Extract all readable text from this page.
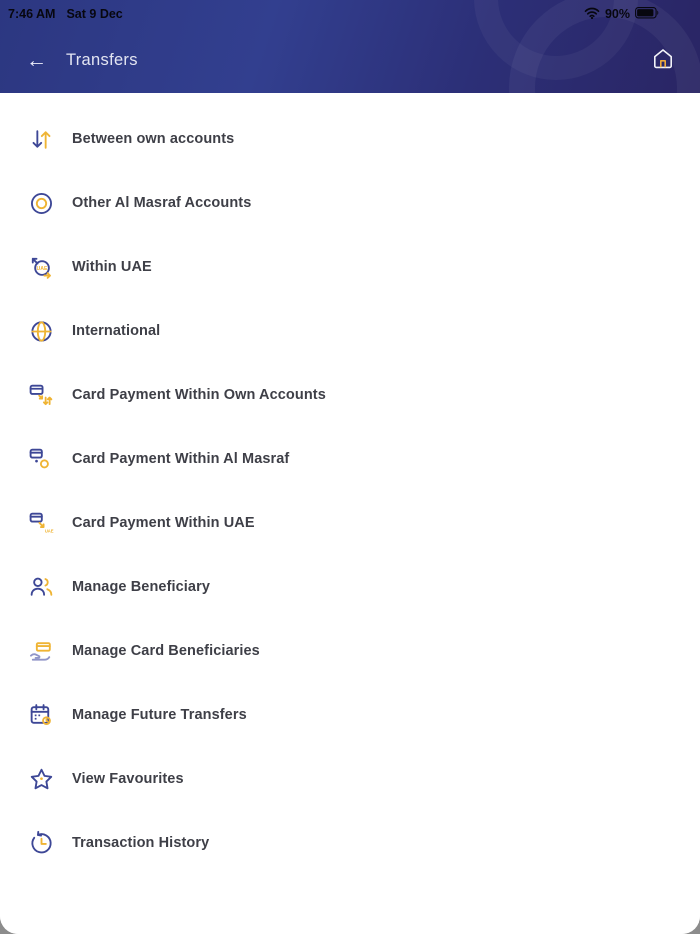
7:46 AM Sat 9 Dec	90%
← Transfers
Between own accounts
Other Al Masraf Accounts
UAE Within UAE
International
Card Payment Within Own Accounts
Card Payment Within Al Masraf
UAE Card Payment Within UAE
Manage Beneficiary
Manage Card Beneficiaries
Manage Future Transfers
View Favourites
Transaction History
